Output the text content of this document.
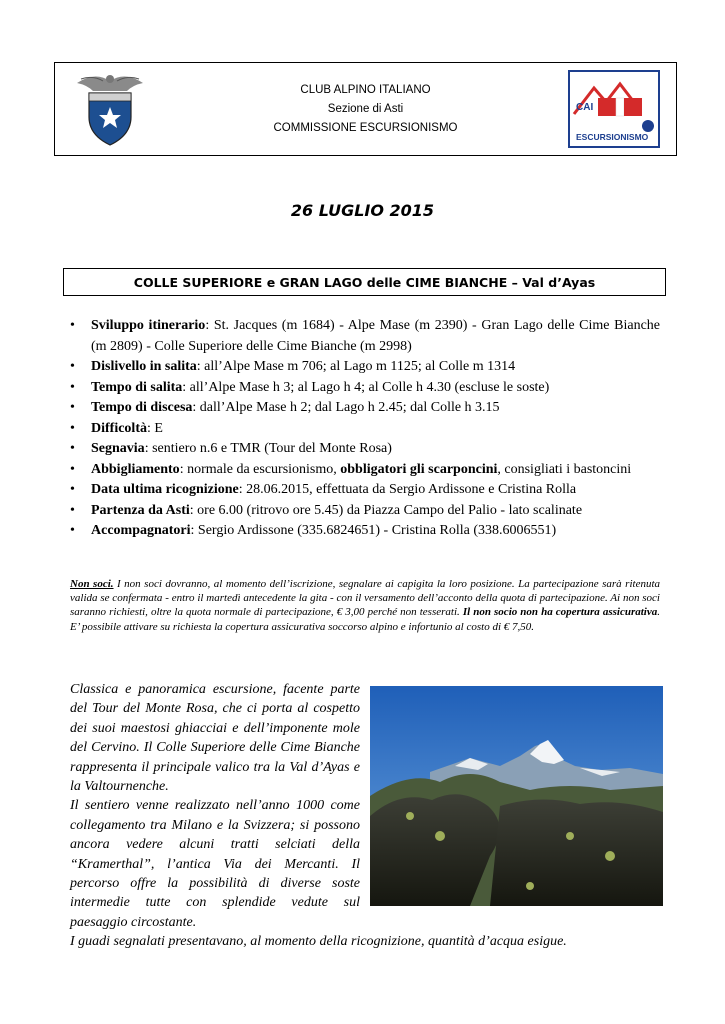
CLUB ALPINO ITALIANO
Sezione di Asti
COMMISSIONE ESCURSIONISMO
CAI
ESCURSIONISMO
26 LUGLIO 2015
COLLE SUPERIORE e GRAN LAGO delle CIME BIANCHE – Val d’Ayas
• Sviluppo itinerario: St. Jacques (m 1684) - Alpe Mase (m 2390) - Gran Lago delle Cime Bianche (m 2809) - Colle Superiore delle Cime Bianche (m 2998)
• Dislivello in salita: all’Alpe Mase m 706; al Lago m 1125; al Colle m 1314
• Tempo di salita: all’Alpe Mase h 3; al Lago h 4; al Colle h 4.30 (escluse le soste)
• Tempo di discesa: dall’Alpe Mase h 2; dal Lago h 2.45; dal Colle h 3.15
• Difficoltà: E
• Segnavia: sentiero n.6 e TMR (Tour del Monte Rosa)
• Abbigliamento: normale da escursionismo, obbligatori gli scarponcini, consigliati i bastoncini
• Data ultima ricognizione: 28.06.2015, effettuata da Sergio Ardissone e Cristina Rolla
• Partenza da Asti: ore 6.00 (ritrovo ore 5.45) da Piazza Campo del Palio - lato scalinate
• Accompagnatori: Sergio Ardissone (335.6824651) - Cristina Rolla (338.6006551)
Non soci. I non soci dovranno, al momento dell’iscrizione, segnalare ai capigita la loro posizione. La partecipazione sarà ritenuta valida se confermata - entro il martedì antecedente la gita - con il versamento dell’acconto della quota di partecipazione. Ai non soci saranno richiesti, oltre la quota normale di partecipazione, € 3,00 perché non tesserati. Il non socio non ha copertura assicurativa. E’ possibile attivare su richiesta la copertura assicurativa soccorso alpino e infortunio al costo di € 7,50.
Classica e panoramica escursione, facente parte del Tour del Monte Rosa, che ci porta al cospetto dei suoi maestosi ghiacciai e dell’imponente mole del Cervino. Il Colle Superiore delle Cime Bianche rappresenta il principale valico tra la Val d’Ayas e la Valtournenche.
Il sentiero venne realizzato nell’anno 1000 come collegamento tra Milano e la Svizzera; si possono ancora vedere alcuni tratti selciati della “Kramerthal”, l’antica Via dei Mercanti. Il percorso offre la possibilità di diverse soste intermedie tutte con splendide vedute sul paesaggio circostante.
I guadi segnalati presentavano, al momento della ricognizione, quantità d’acqua esigue.
